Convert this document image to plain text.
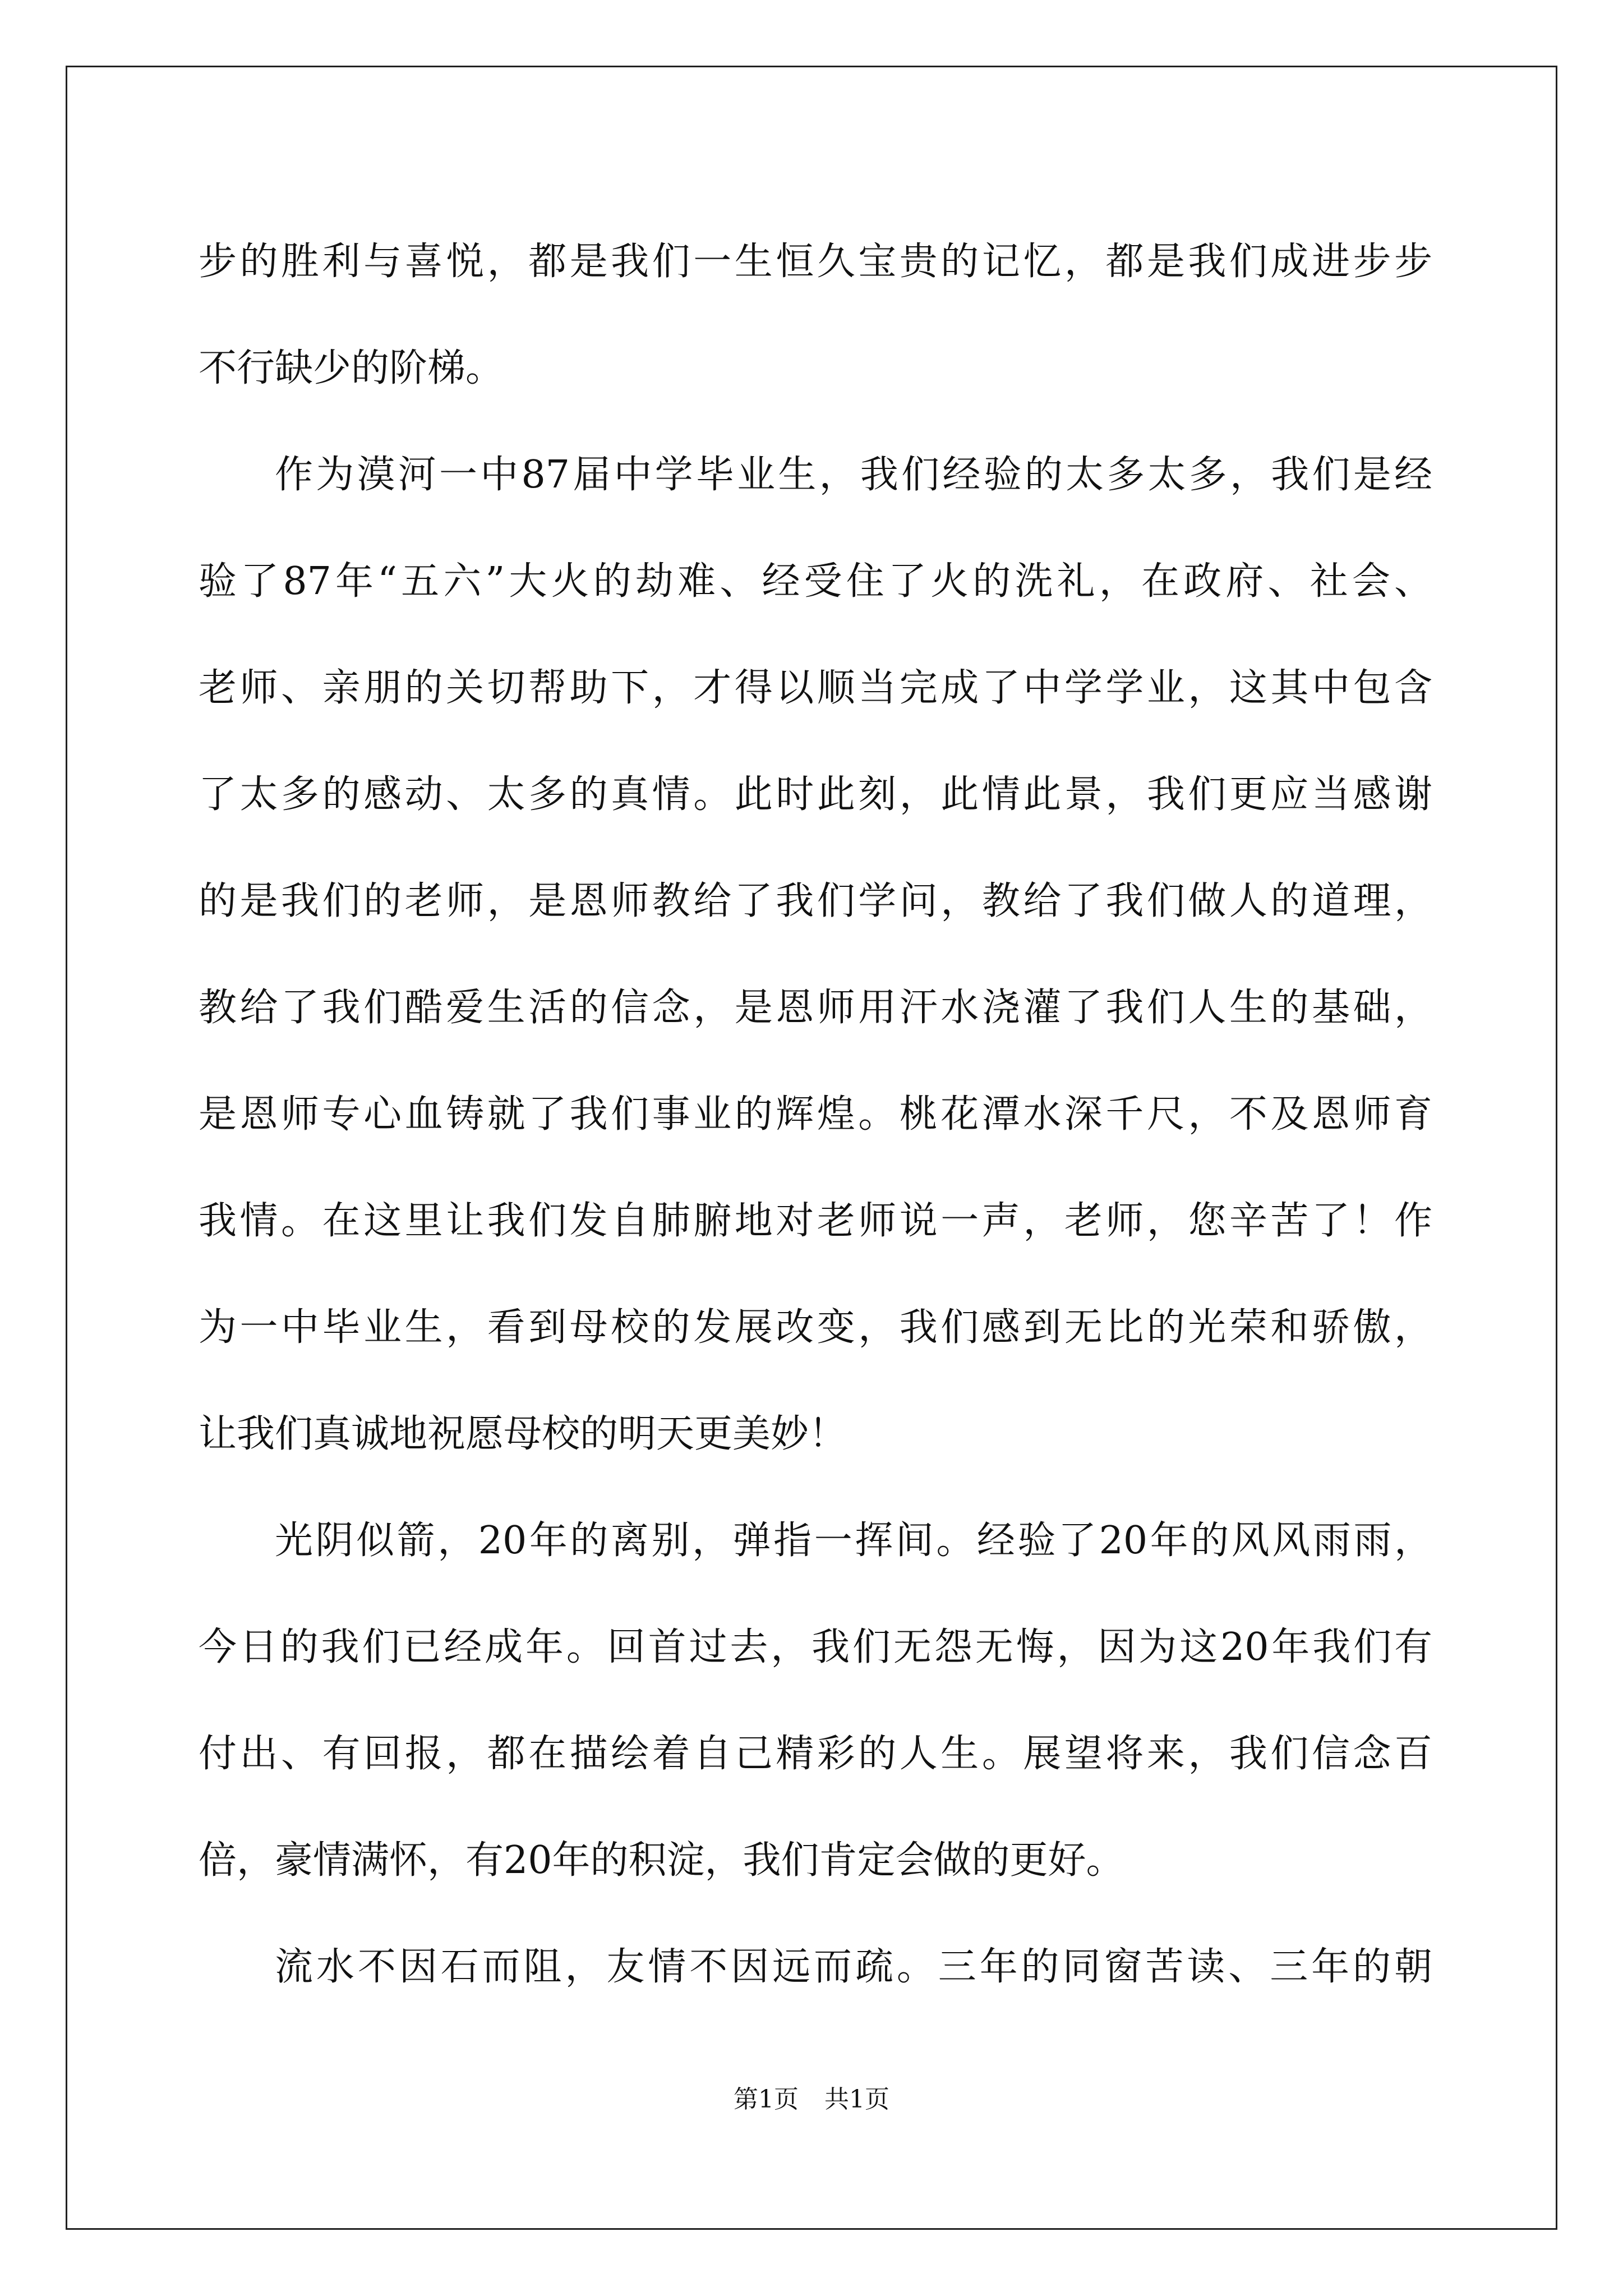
步的胜利与喜悦，都是我们一生恒久宝贵的记忆，都是我们成进步步
不行缺少的阶梯。
作为漠河一中87届中学毕业生，我们经验的太多太多，我们是经
验了87年“五六”大火的劫难、经受住了火的洗礼，在政府、社会、
老师、亲朋的关切帮助下，才得以顺当完成了中学学业，这其中包含
了太多的感动、太多的真情。此时此刻，此情此景，我们更应当感谢
的是我们的老师，是恩师教给了我们学问，教给了我们做人的道理，
教给了我们酷爱生活的信念，是恩师用汗水浇灌了我们人生的基础，
是恩师专心血铸就了我们事业的辉煌。桃花潭水深千尺，不及恩师育
我情。在这里让我们发自肺腑地对老师说一声，老师，您辛苦了！作
为一中毕业生，看到母校的发展改变，我们感到无比的光荣和骄傲，
让我们真诚地祝愿母校的明天更美妙！
光阴似箭，20年的离别，弹指一挥间。经验了20年的风风雨雨，
今日的我们已经成年。回首过去，我们无怨无悔，因为这20年我们有
付出、有回报，都在描绘着自己精彩的人生。展望将来，我们信念百
倍，豪情满怀，有20年的积淀，我们肯定会做的更好。
流水不因石而阻，友情不因远而疏。三年的同窗苦读、三年的朝
第1页 共1页
